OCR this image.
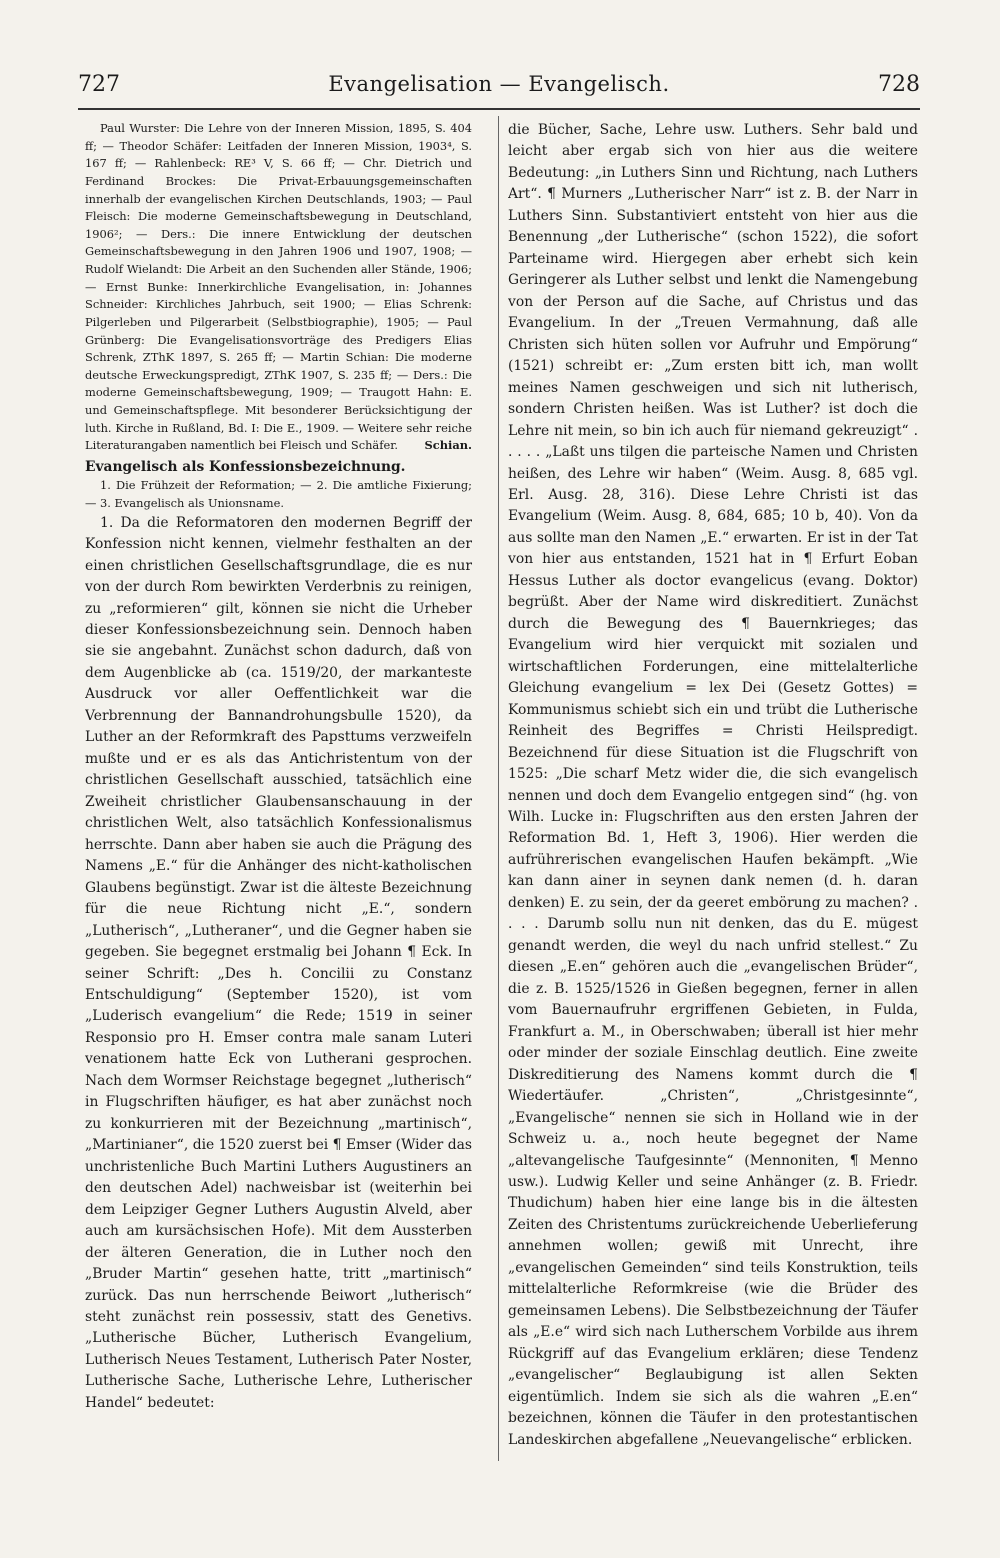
727	Evangelisation — Evangelisch.	728

Paul Wurster: Die Lehre von der Inneren Mission, 1895, S. 404 ff; — Theodor Schäfer: Leitfaden der Inneren Mission, 1903⁴, S. 167 ff; — Rahlenbeck: RE³ V, S. 66 ff; — Chr. Dietrich und Ferdinand Brockes: Die Privat-Erbauungsgemeinschaften innerhalb der evangelischen Kirchen Deutschlands, 1903; — Paul Fleisch: Die moderne Gemeinschaftsbewegung in Deutschland, 1906²; — Ders.: Die innere Entwicklung der deutschen Gemeinschaftsbewegung in den Jahren 1906 und 1907, 1908; — Rudolf Wielandt: Die Arbeit an den Suchenden aller Stände, 1906; — Ernst Bunke: Innerkirchliche Evangelisation, in: Johannes Schneider: Kirchliches Jahrbuch, seit 1900; — Elias Schrenk: Pilgerleben und Pilgerarbeit (Selbstbiographie), 1905; — Paul Grünberg: Die Evangelisationsvorträge des Predigers Elias Schrenk, ZThK 1897, S. 265 ff; — Martin Schian: Die moderne deutsche Erweckungspredigt, ZThK 1907, S. 235 ff; — Ders.: Die moderne Gemeinschaftsbewegung, 1909; — Traugott Hahn: E. und Gemeinschaftspflege. Mit besonderer Berücksichtigung der luth. Kirche in Rußland, Bd. I: Die E., 1909. — Weitere sehr reiche Literaturangaben namentlich bei Fleisch und Schäfer.	Schian.

Evangelisch als Konfessionsbezeichnung.

1. Die Frühzeit der Reformation; — 2. Die amtliche Fixierung; — 3. Evangelisch als Unionsname.

1. Da die Reformatoren den modernen Begriff der Konfession nicht kennen, vielmehr festhalten an der einen christlichen Gesellschaftsgrundlage, die es nur von der durch Rom bewirkten Verderbnis zu reinigen, zu „reformieren“ gilt, können sie nicht die Urheber dieser Konfessionsbezeichnung sein. Dennoch haben sie sie angebahnt. Zunächst schon dadurch, daß von dem Augenblicke ab (ca. 1519/20, der markanteste Ausdruck vor aller Oeffentlichkeit war die Verbrennung der Bannandrohungsbulle 1520), da Luther an der Reformkraft des Papsttums verzweifeln mußte und er es als das Antichristentum von der christlichen Gesellschaft ausschied, tatsächlich eine Zweiheit christlicher Glaubensanschauung in der christlichen Welt, also tatsächlich Konfessionalismus herrschte. Dann aber haben sie auch die Prägung des Namens „E.“ für die Anhänger des nicht-katholischen Glaubens begünstigt. Zwar ist die älteste Bezeichnung für die neue Richtung nicht „E.“, sondern „Lutherisch“, „Lutheraner“, und die Gegner haben sie gegeben. Sie begegnet erstmalig bei Johann ¶ Eck. In seiner Schrift: „Des h. Concilii zu Constanz Entschuldigung“ (September 1520), ist vom „Luderisch evangelium“ die Rede; 1519 in seiner Responsio pro H. Emser contra male sanam Luteri venationem hatte Eck von Lutherani gesprochen. Nach dem Wormser Reichstage begegnet „lutherisch“ in Flugschriften häufiger, es hat aber zunächst noch zu konkurrieren mit der Bezeichnung „martinisch“, „Martinianer“, die 1520 zuerst bei ¶ Emser (Wider das unchristenliche Buch Martini Luthers Augustiners an den deutschen Adel) nachweisbar ist (weiterhin bei dem Leipziger Gegner Luthers Augustin Alveld, aber auch am kursächsischen Hofe). Mit dem Aussterben der älteren Generation, die in Luther noch den „Bruder Martin“ gesehen hatte, tritt „martinisch“ zurück. Das nun herrschende Beiwort „lutherisch“ steht zunächst rein possessiv, statt des Genetivs. „Lutherische Bücher, Lutherisch Evangelium, Lutherisch Neues Testament, Lutherisch Pater Noster, Lutherische Sache, Lutherische Lehre, Lutherischer Handel“ bedeutet:

die Bücher, Sache, Lehre usw. Luthers. Sehr bald und leicht aber ergab sich von hier aus die weitere Bedeutung: „in Luthers Sinn und Richtung, nach Luthers Art“. ¶ Murners „Lutherischer Narr“ ist z. B. der Narr in Luthers Sinn. Substantiviert entsteht von hier aus die Benennung „der Lutherische“ (schon 1522), die sofort Parteiname wird. Hiergegen aber erhebt sich kein Geringerer als Luther selbst und lenkt die Namengebung von der Person auf die Sache, auf Christus und das Evangelium. In der „Treuen Vermahnung, daß alle Christen sich hüten sollen vor Aufruhr und Empörung“ (1521) schreibt er: „Zum ersten bitt ich, man wollt meines Namen geschweigen und sich nit lutherisch, sondern Christen heißen. Was ist Luther? ist doch die Lehre nit mein, so bin ich auch für niemand gekreuzigt“ . . . . . „Laßt uns tilgen die parteische Namen und Christen heißen, des Lehre wir haben“ (Weim. Ausg. 8, 685 vgl. Erl. Ausg. 28, 316). Diese Lehre Christi ist das Evangelium (Weim. Ausg. 8, 684, 685; 10 b, 40). Von da aus sollte man den Namen „E.“ erwarten. Er ist in der Tat von hier aus entstanden, 1521 hat in ¶ Erfurt Eoban Hessus Luther als doctor evangelicus (evang. Doktor) begrüßt. Aber der Name wird diskreditiert. Zunächst durch die Bewegung des ¶ Bauernkrieges; das Evangelium wird hier verquickt mit sozialen und wirtschaftlichen Forderungen, eine mittelalterliche Gleichung evangelium = lex Dei (Gesetz Gottes) = Kommunismus schiebt sich ein und trübt die Lutherische Reinheit des Begriffes = Christi Heilspredigt. Bezeichnend für diese Situation ist die Flugschrift von 1525: „Die scharf Metz wider die, die sich evangelisch nennen und doch dem Evangelio entgegen sind“ (hg. von Wilh. Lucke in: Flugschriften aus den ersten Jahren der Reformation Bd. 1, Heft 3, 1906). Hier werden die aufrührerischen evangelischen Haufen bekämpft. „Wie kan dann ainer in seynen dank nemen (d. h. daran denken) E. zu sein, der da geeret embörung zu machen? . . . . Darumb sollu nun nit denken, das du E. mügest genandt werden, die weyl du nach unfrid stellest.“ Zu diesen „E.en“ gehören auch die „evangelischen Brüder“, die z. B. 1525/1526 in Gießen begegnen, ferner in allen vom Bauernaufruhr ergriffenen Gebieten, in Fulda, Frankfurt a. M., in Oberschwaben; überall ist hier mehr oder minder der soziale Einschlag deutlich. Eine zweite Diskreditierung des Namens kommt durch die ¶ Wiedertäufer. „Christen“, „Christgesinnte“, „Evangelische“ nennen sie sich in Holland wie in der Schweiz u. a., noch heute begegnet der Name „altevangelische Taufgesinnte“ (Mennoniten, ¶ Menno usw.). Ludwig Keller und seine Anhänger (z. B. Friedr. Thudichum) haben hier eine lange bis in die ältesten Zeiten des Christentums zurückreichende Ueberlieferung annehmen wollen; gewiß mit Unrecht, ihre „evangelischen Gemeinden“ sind teils Konstruktion, teils mittelalterliche Reformkreise (wie die Brüder des gemeinsamen Lebens). Die Selbstbezeichnung der Täufer als „E.e“ wird sich nach Lutherschem Vorbilde aus ihrem Rückgriff auf das Evangelium erklären; diese Tendenz „evangelischer“ Beglaubigung ist allen Sekten eigentümlich. Indem sie sich als die wahren „E.en“ bezeichnen, können die Täufer in den protestantischen Landeskirchen abgefallene „Neuevangelische“ erblicken.
